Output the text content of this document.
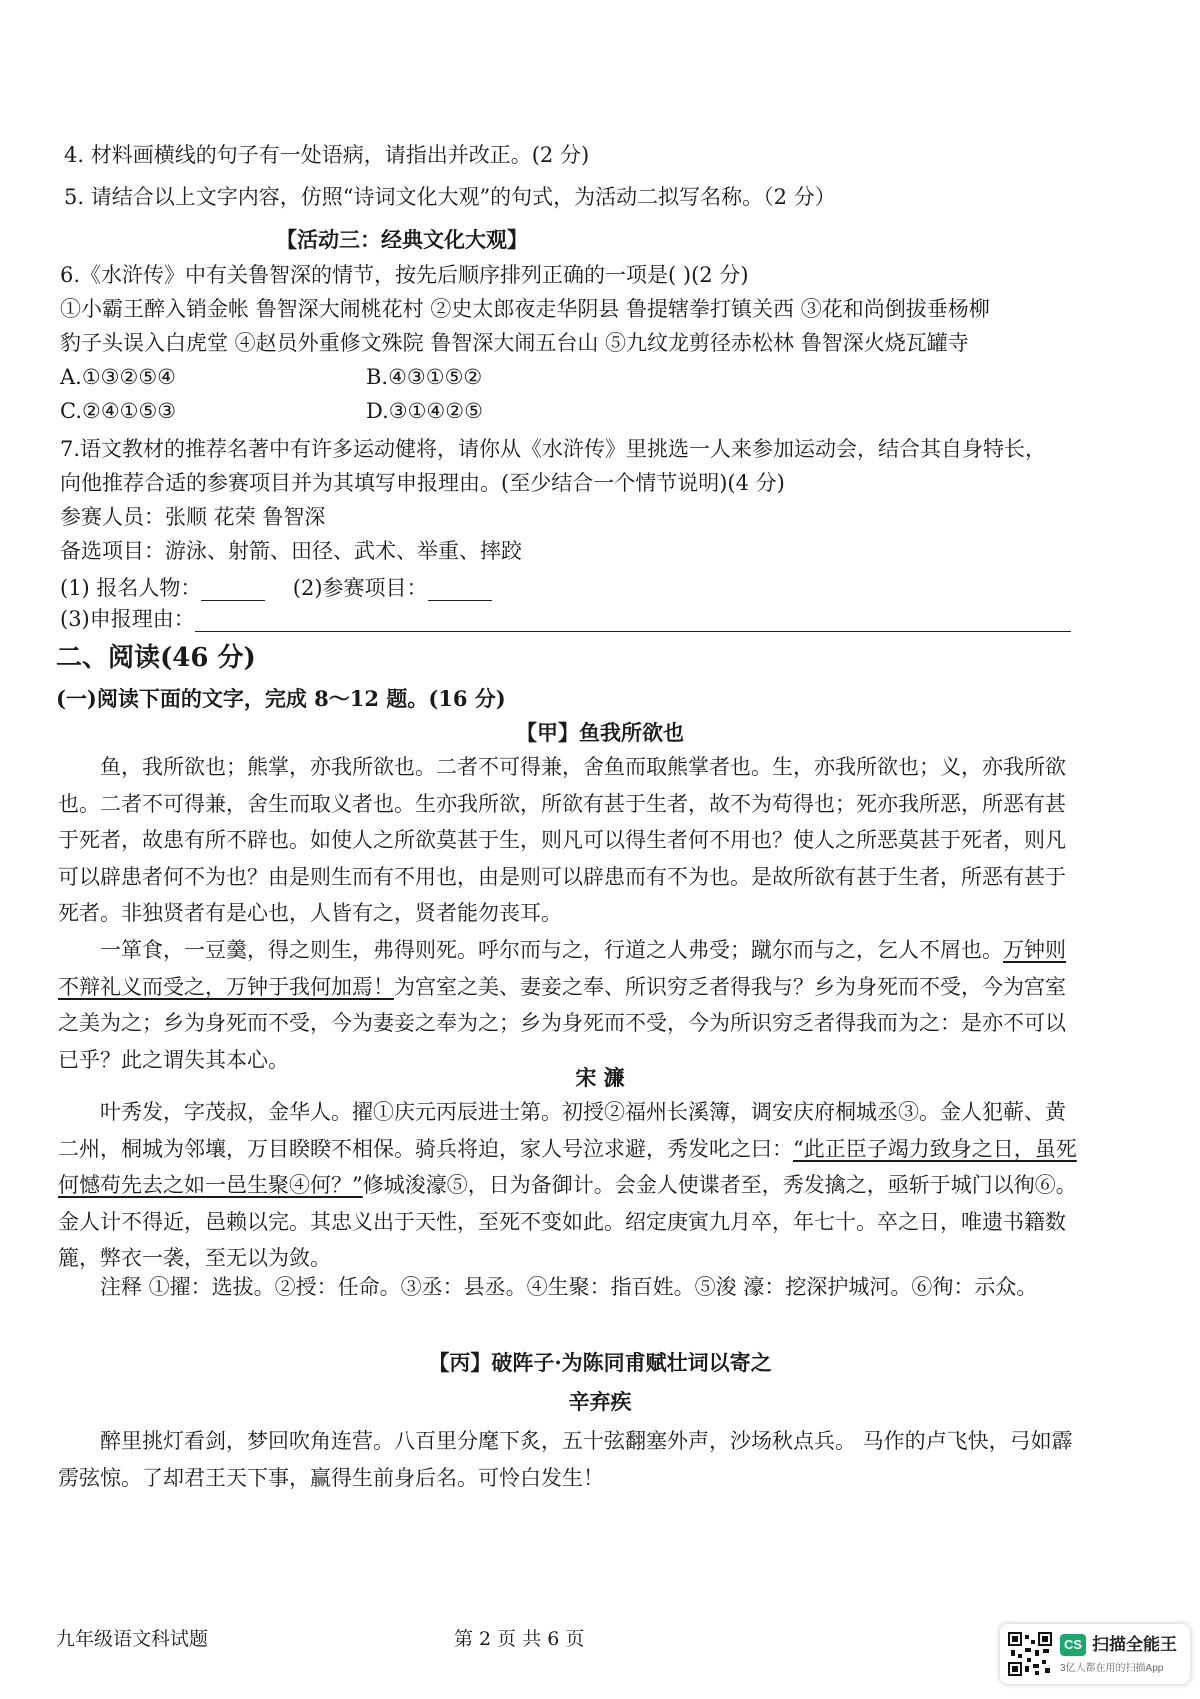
4. 材料画横线的句子有一处语病，请指出并改正。(2 分)
5. 请结合以上文字内容，仿照“诗词文化大观”的句式，为活动二拟写名称。（2 分）
【活动三：经典文化大观】
6.《水浒传》中有关鲁智深的情节，按先后顺序排列正确的一项是( )(2 分)
①小霸王醉入销金帐 鲁智深大闹桃花村 ②史太郎夜走华阴县 鲁提辖拳打镇关西 ③花和尚倒拔垂杨柳
豹子头误入白虎堂 ④赵员外重修文殊院 鲁智深大闹五台山 ⑤九纹龙剪径赤松林 鲁智深火烧瓦罐寺
A.①③②⑤④	B.④③①⑤②
C.②④①⑤③	D.③①④②⑤
7.语文教材的推荐名著中有许多运动健将，请你从《水浒传》里挑选一人来参加运动会，结合其自身特长，
向他推荐合适的参赛项目并为其填写申报理由。(至少结合一个情节说明)(4 分)
参赛人员：张顺 花荣 鲁智深
备选项目：游泳、射箭、田径、武术、举重、摔跤
(1) 报名人物：	(2)参赛项目：
(3)申报理由：
二、阅读(46 分)
(一)阅读下面的文字，完成 8～12 题。(16 分)
【甲】鱼我所欲也
鱼，我所欲也；熊掌，亦我所欲也。二者不可得兼，舍鱼而取熊掌者也。生，亦我所欲也；义，亦我所欲也。二者不可得兼，舍生而取义者也。生亦我所欲，所欲有甚于生者，故不为苟得也；死亦我所恶，所恶有甚于死者，故患有所不辟也。如使人之所欲莫甚于生，则凡可以得生者何不用也？使人之所恶莫甚于死者，则凡可以辟患者何不为也？由是则生而有不用也，由是则可以辟患而有不为也。是故所欲有甚于生者，所恶有甚于死者。非独贤者有是心也，人皆有之，贤者能勿丧耳。
一箪食，一豆羹，得之则生，弗得则死。呼尔而与之，行道之人弗受；蹴尔而与之，乞人不屑也。万钟则不辩礼义而受之，万钟于我何加焉！为宫室之美、妻妾之奉、所识穷乏者得我与？乡为身死而不受，今为宫室之美为之；乡为身死而不受，今为妻妾之奉为之；乡为身死而不受，今为所识穷乏者得我而为之：是亦不可以已乎？此之谓失其本心。
宋 濂
叶秀发，字茂叔，金华人。擢①庆元丙辰进士第。初授②福州长溪簿，调安庆府桐城丞③。金人犯蕲、黄二州，桐城为邻壤，万目睽睽不相保。骑兵将迫，家人号泣求避，秀发叱之曰：“此正臣子竭力致身之日，虽死何憾苟先去之如一邑生聚④何？”修城浚濠⑤，日为备御计。会金人使谍者至，秀发擒之，亟斩于城门以徇⑥。金人计不得近，邑赖以完。其忠义出于天性，至死不变如此。绍定庚寅九月卒，年七十。卒之日，唯遗书籍数簏，弊衣一袭，至无以为敛。
注释 ①擢：选拔。②授：任命。③丞：县丞。④生聚：指百姓。⑤浚 濠：挖深护城河。⑥徇：示众。
【丙】破阵子·为陈同甫赋壮词以寄之
辛弃疾
醉里挑灯看剑，梦回吹角连营。八百里分麾下炙，五十弦翻塞外声，沙场秋点兵。 马作的卢飞快，弓如霹雳弦惊。了却君王天下事，赢得生前身后名。可怜白发生！
九年级语文科试题	第 2 页 共 6 页	CS 扫描全能王
3亿人都在用的扫描App
